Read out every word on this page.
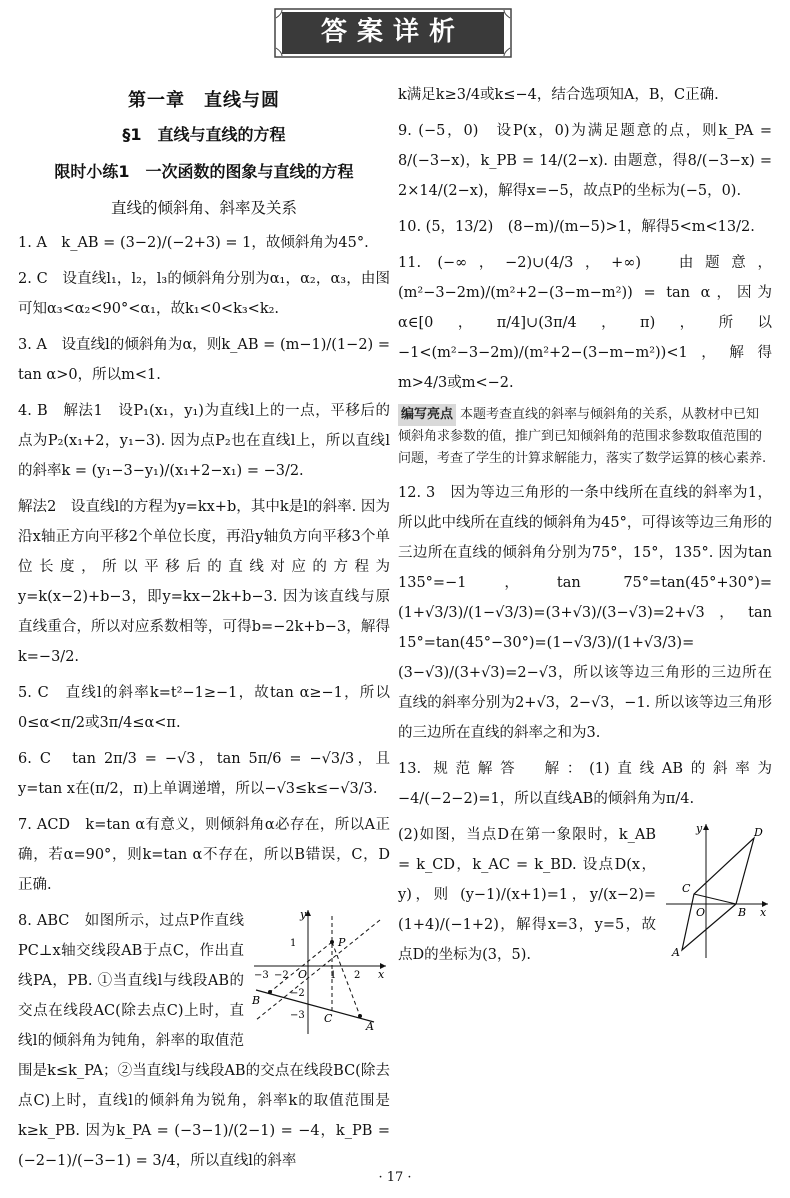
答案详析
第一章　直线与圆
§1　直线与直线的方程
限时小练1　一次函数的图象与直线的方程
直线的倾斜角、斜率及关系

1. A　k_AB = (3−2)/(−2+3) = 1，故倾斜角为45°.

2. C　设直线l₁，l₂，l₃的倾斜角分别为α₁，α₂，α₃，由图可知α₃<α₂<90°<α₁，故k₁<0<k₃<k₂.

3. A　设直线l的倾斜角为α，则k_AB = (m−1)/(1−2) = tan α>0，所以m<1.

4. B　解法1　设P₁(x₁，y₁)为直线l上的一点，平移后的点为P₂(x₁+2，y₁−3). 因为点P₂也在直线l上，所以直线l的斜率k = (y₁−3−y₁)/(x₁+2−x₁) = −3/2.

解法2　设直线l的方程为y=kx+b，其中k是l的斜率. 因为沿x轴正方向平移2个单位长度，再沿y轴负方向平移3个单位长度，所以平移后的直线对应的方程为y=k(x−2)+b−3，即y=kx−2k+b−3. 因为该直线与原直线重合，所以对应系数相等，可得b=−2k+b−3，解得k=−3/2.

5. C　直线l的斜率k=t²−1≥−1，故tan α≥−1，所以0≤α<π/2或3π/4≤α<π.

6. C　tan 2π/3 = −√3，tan 5π/6 = −√3/3，且y=tan x在(π/2，π)上单调递增，所以−√3≤k≤−√3/3.

7. ACD　k=tan α有意义，则倾斜角α必存在，所以A正确，若α=90°，则k=tan α不存在，所以B错误，C，D正确.

y
x
O
−2
−3	1 2
1
−2
−3
B
A
P
C

8. ABC　如图所示，过点P作直线PC⊥x轴交线段AB于点C，作出直线PA，PB. ①当直线l与线段AB的交点在线段AC(除去点C)上时，直线l的倾斜角为钝角，斜率的取值范围是k≤k_PA；②当直线l与线段AB的交点在线段BC(除去点C)上时，直线l的倾斜角为锐角，斜率k的取值范围是k≥k_PB. 因为k_PA = (−3−1)/(2−1) = −4，k_PB = (−2−1)/(−3−1) = 3/4，所以直线l的斜率

k满足k≥3/4或k≤−4，结合选项知A，B，C正确.

9. (−5，0)　设P(x，0)为满足题意的点，则k_PA = 8/(−3−x)，k_PB = 14/(2−x). 由题意，得8/(−3−x) = 2×14/(2−x)，解得x=−5，故点P的坐标为(−5，0).

10. (5，13/2)　(8−m)/(m−5)>1，解得5<m<13/2.

11. (−∞，−2)∪(4/3，+∞)　由题意，(m²−3−2m)/(m²+2−(3−m−m²)) = tan α，因为α∈[0，π/4]∪(3π/4，π)，所以−1<(m²−3−2m)/(m²+2−(3−m−m²))<1，解得m>4/3或m<−2.

编写亮点 本题考查直线的斜率与倾斜角的关系，从教材中已知倾斜角求参数的值，推广到已知倾斜角的范围求参数取值范围的问题，考查了学生的计算求解能力，落实了数学运算的核心素养.

12. 3　因为等边三角形的一条中线所在直线的斜率为1，所以此中线所在直线的倾斜角为45°，可得该等边三角形的三边所在直线的倾斜角分别为75°，15°，135°. 因为tan 135°=−1，tan 75°=tan(45°+30°)=(1+√3/3)/(1−√3/3)=(3+√3)/(3−√3)=2+√3，tan 15°=tan(45°−30°)=(1−√3/3)/(1+√3/3)=(3−√3)/(3+√3)=2−√3，所以该等边三角形的三边所在直线的斜率分别为2+√3，2−√3，−1. 所以该等边三角形的三边所在直线的斜率之和为3.

13. 规范解答　解：(1)直线AB的斜率为−4/(−2−2)=1，所以直线AB的倾斜角为π/4.

y
x
O
A
B
C
D

(2)如图，当点D在第一象限时，k_AB = k_CD，k_AC = k_BD. 设点D(x，y)，则 (y−1)/(x+1)=1，y/(x−2)=(1+4)/(−1+2)，解得x=3，y=5，故点D的坐标为(3，5).

· 17 ·
